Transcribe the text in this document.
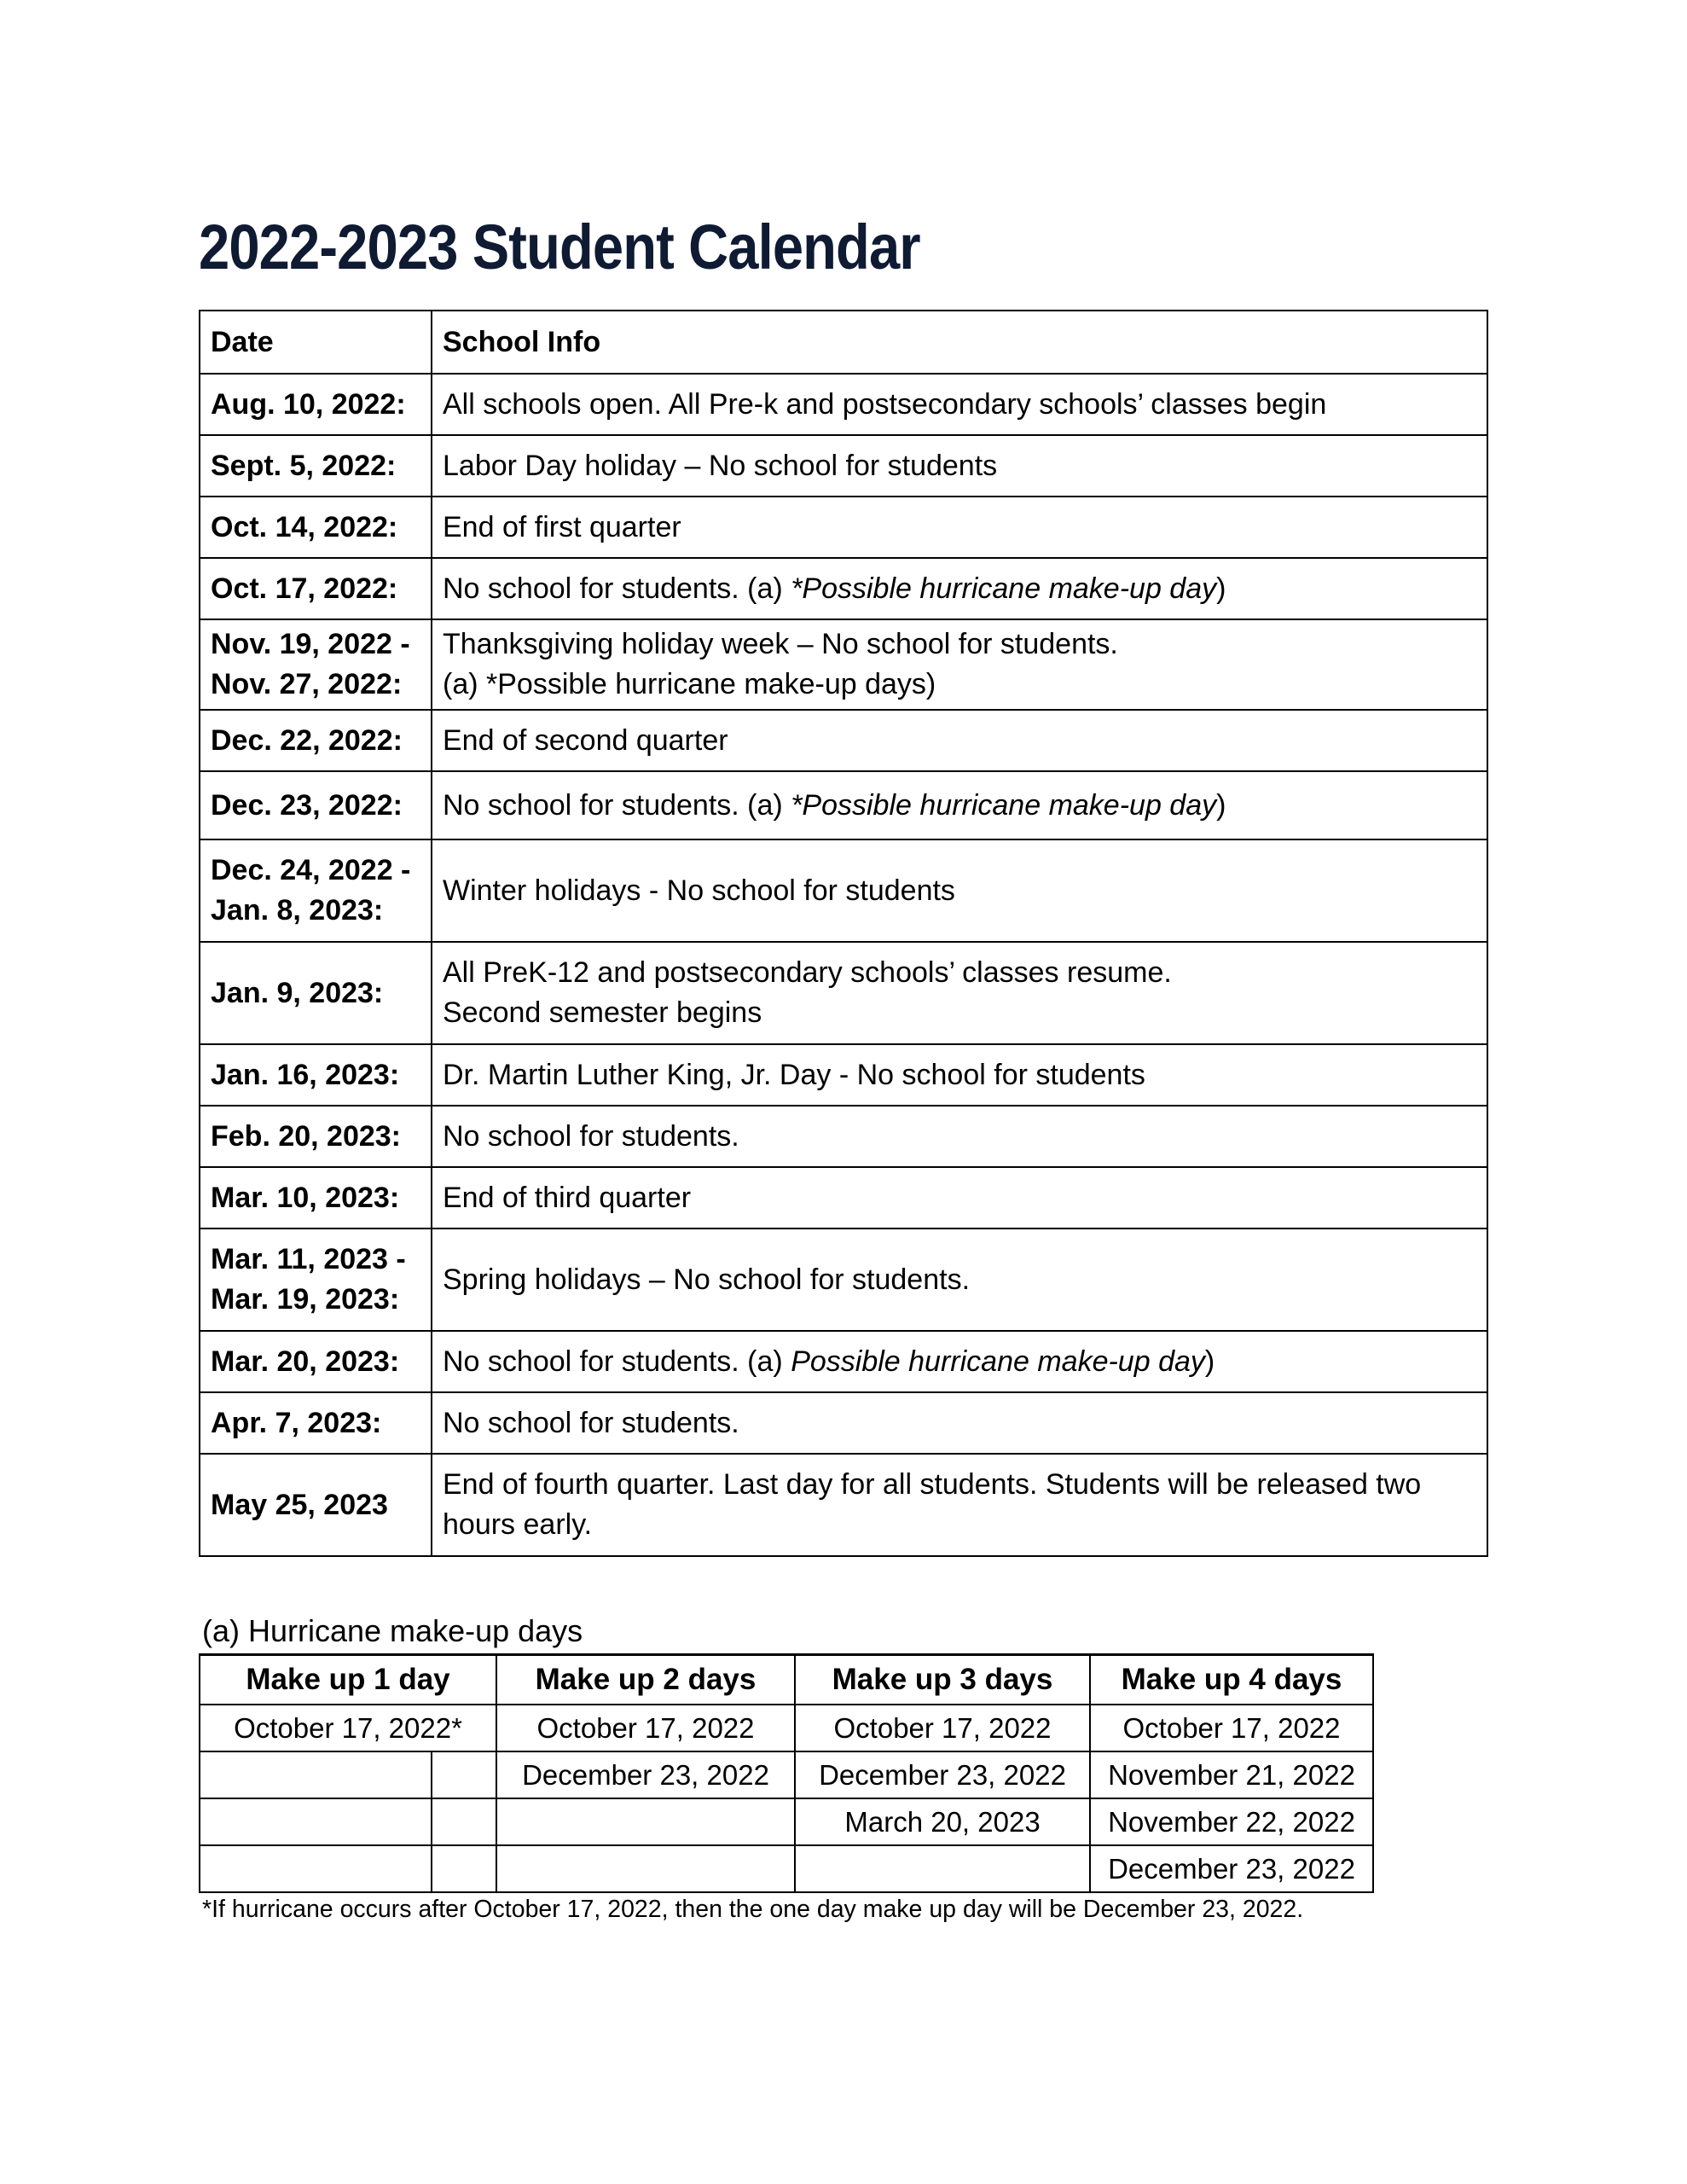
2022-2023 Student Calendar
Date	School Info
Aug. 10, 2022:	All schools open. All Pre-k and postsecondary schools’ classes begin
Sept. 5, 2022:	Labor Day holiday – No school for students
Oct. 14, 2022:	End of first quarter
Oct. 17, 2022:	No school for students. (a) *Possible hurricane make-up day)
Nov. 19, 2022 -
Nov. 27, 2022:	Thanksgiving holiday week – No school for students.
(a) *Possible hurricane make-up days)
Dec. 22, 2022:	End of second quarter
Dec. 23, 2022:	No school for students. (a) *Possible hurricane make-up day)
Dec. 24, 2022 -
Jan. 8, 2023:	Winter holidays - No school for students
Jan. 9, 2023:	All PreK-12 and postsecondary schools’ classes resume.
Second semester begins
Jan. 16, 2023:	Dr. Martin Luther King, Jr. Day - No school for students
Feb. 20, 2023:	No school for students.
Mar. 10, 2023:	End of third quarter
Mar. 11, 2023 -
Mar. 19, 2023:	Spring holidays – No school for students.
Mar. 20, 2023:	No school for students. (a) Possible hurricane make-up day)
Apr. 7, 2023:	No school for students.
May 25, 2023	End of fourth quarter. Last day for all students. Students will be released two hours early.
(a) Hurricane make-up days
Make up 1 day		Make up 2 days	Make up 3 days	Make up 4 days
October 17, 2022*		October 17, 2022	October 17, 2022	October 17, 2022
		December 23, 2022	December 23, 2022	November 21, 2022
			March 20, 2023	November 22, 2022
				December 23, 2022
*If hurricane occurs after October 17, 2022, then the one day make up day will be December 23, 2022.
